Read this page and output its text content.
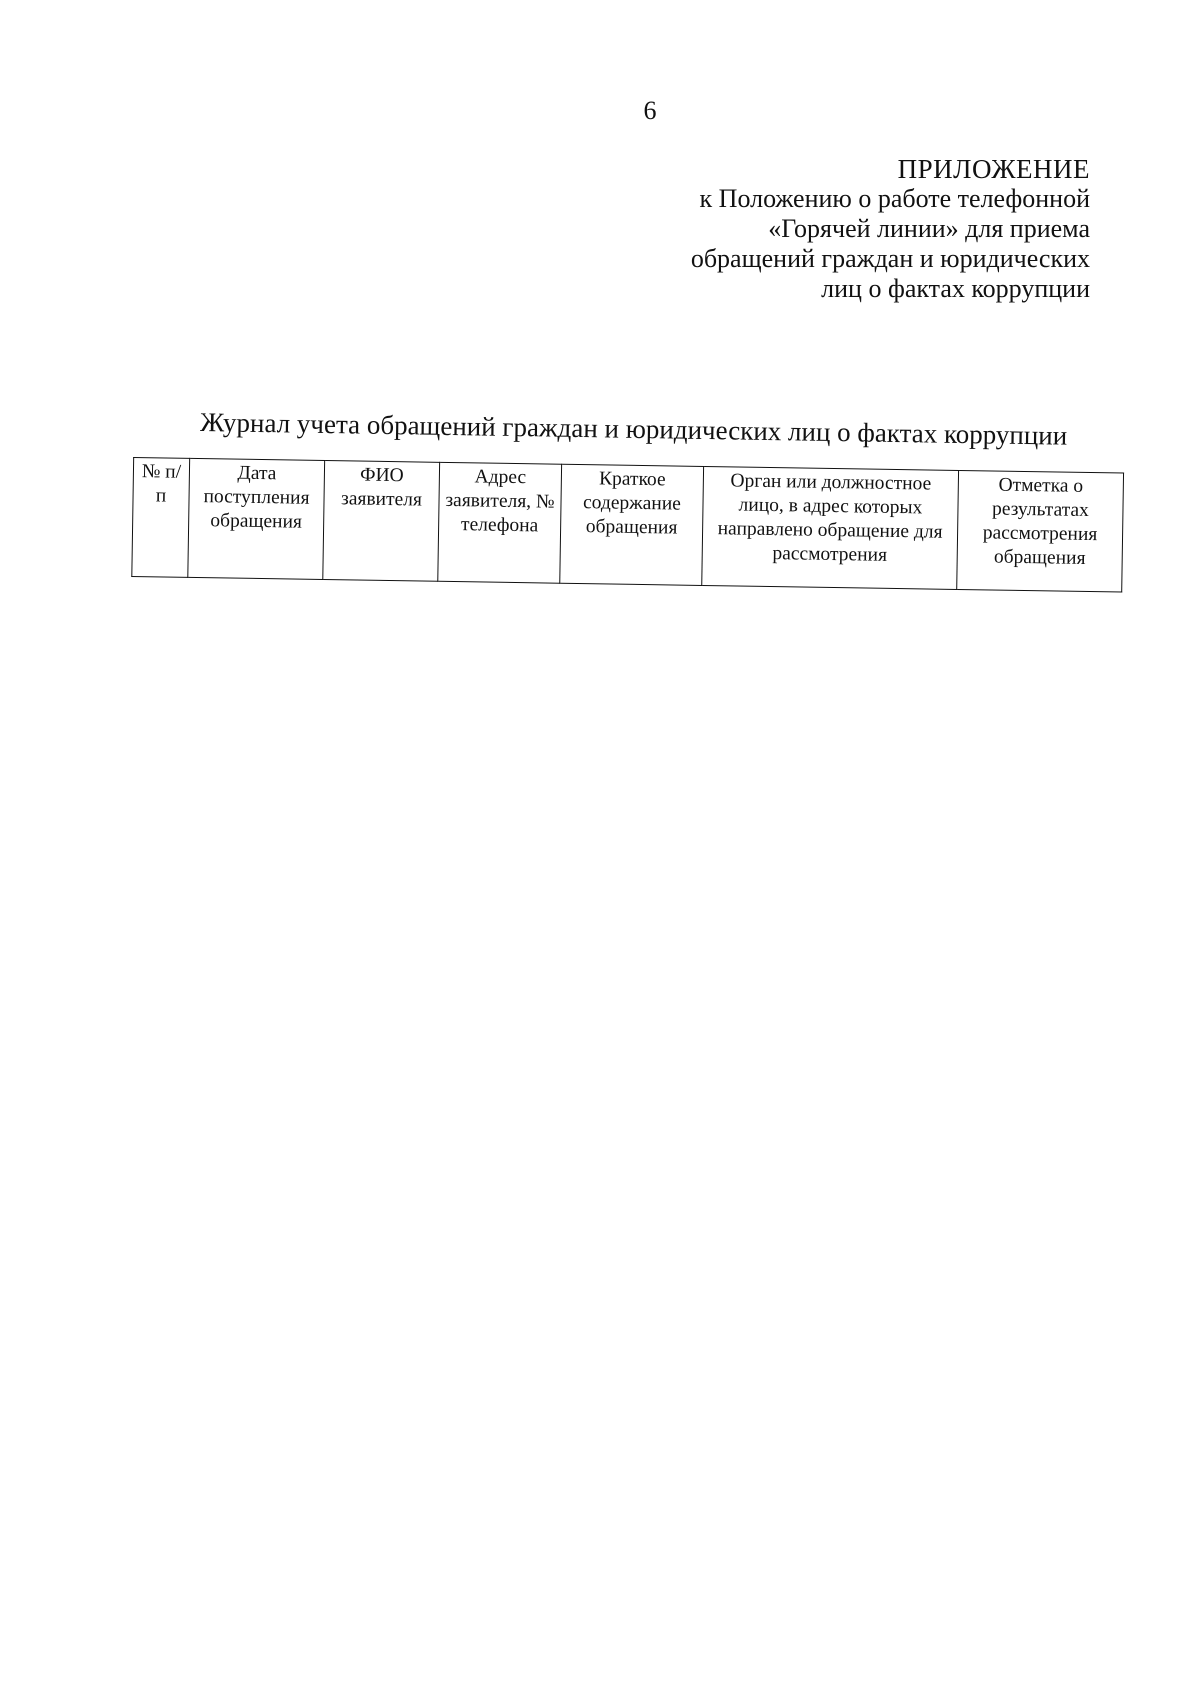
6
ПРИЛОЖЕНИЕ
к Положению о работе телефонной
«Горячей линии» для приема
обращений граждан и юридических
лиц о фактах коррупции
Журнал учета обращений граждан и юридических лиц о фактах коррупции
№ п/п	Дата поступления обращения	ФИО заявителя	Адрес заявителя, № телефона	Краткое содержание обращения	Орган или должностное лицо, в адрес которых направлено обращение для рассмотрения	Отметка о результатах рассмотрения обращения
